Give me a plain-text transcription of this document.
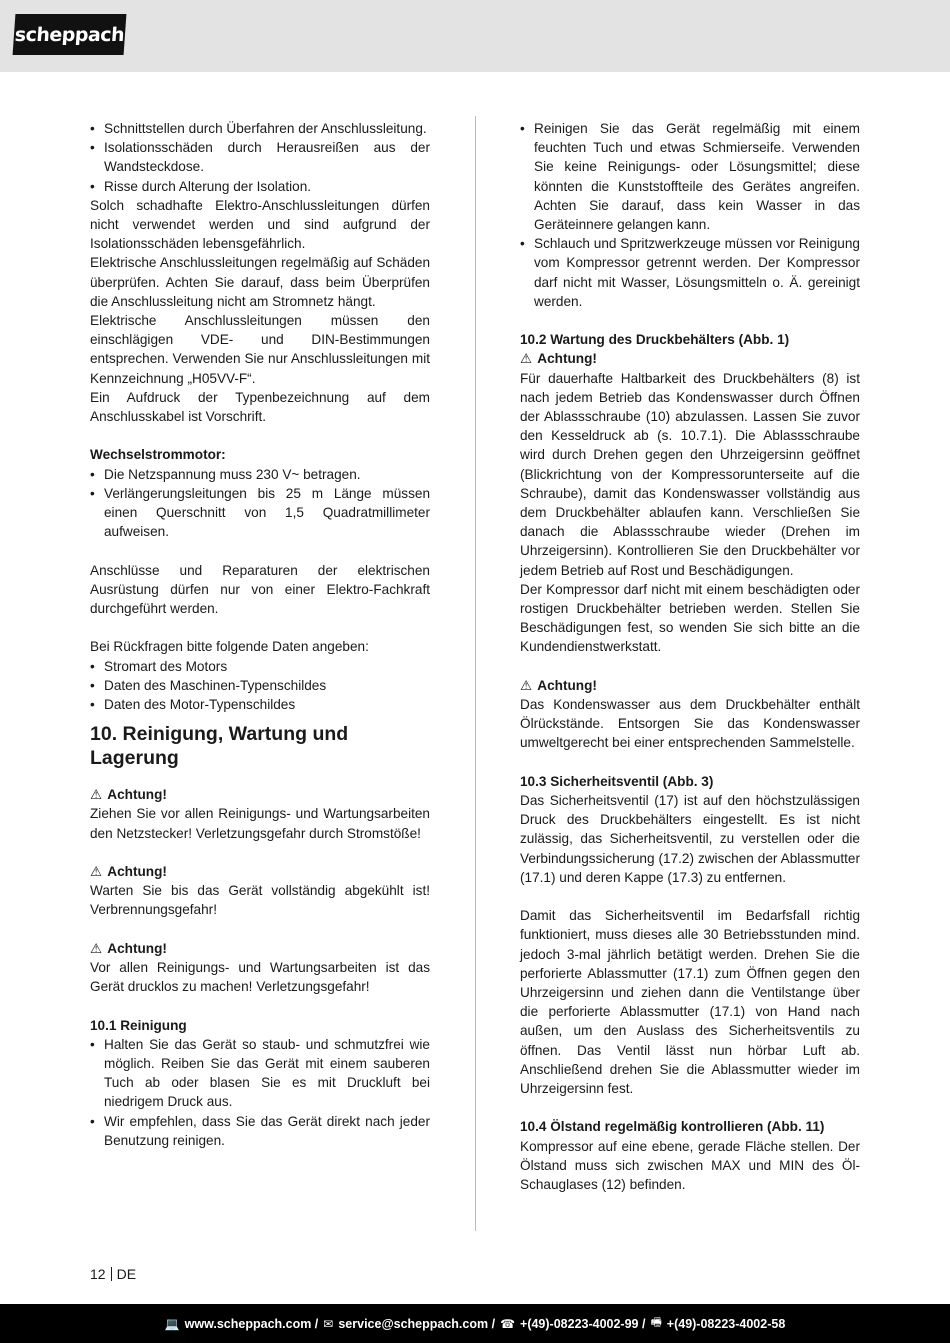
scheppach
• Schnittstellen durch Überfahren der Anschlussleitung.
• Isolationsschäden durch Herausreißen aus der Wandsteckdose.
• Risse durch Alterung der Isolation.

Solch schadhafte Elektro-Anschlussleitungen dürfen nicht verwendet werden und sind aufgrund der Isolationsschäden lebensgefährlich.

Elektrische Anschlussleitungen regelmäßig auf Schäden überprüfen. Achten Sie darauf, dass beim Überprüfen die Anschlussleitung nicht am Stromnetz hängt.

Elektrische Anschlussleitungen müssen den einschlägigen VDE- und DIN-Bestimmungen entsprechen. Verwenden Sie nur Anschlussleitungen mit Kennzeichnung „H05VV-F“.

Ein Aufdruck der Typenbezeichnung auf dem Anschlusskabel ist Vorschrift.

Wechselstrommotor:

• Die Netzspannung muss 230 V~ betragen.
• Verlängerungsleitungen bis 25 m Länge müssen einen Querschnitt von 1,5 Quadratmillimeter aufweisen.

Anschlüsse und Reparaturen der elektrischen Ausrüstung dürfen nur von einer Elektro-Fachkraft durchgeführt werden.

Bei Rückfragen bitte folgende Daten angeben:

• Stromart des Motors
• Daten des Maschinen-Typenschildes
• Daten des Motor-Typenschildes
10. Reinigung, Wartung und Lagerung

⚠ Achtung!

Ziehen Sie vor allen Reinigungs- und Wartungsarbeiten den Netzstecker! Verletzungsgefahr durch Stromstöße!

⚠ Achtung!

Warten Sie bis das Gerät vollständig abgekühlt ist! Verbrennungsgefahr!

⚠ Achtung!

Vor allen Reinigungs- und Wartungsarbeiten ist das Gerät drucklos zu machen! Verletzungsgefahr!

10.1 Reinigung

• Halten Sie das Gerät so staub- und schmutzfrei wie möglich. Reiben Sie das Gerät mit einem sauberen Tuch ab oder blasen Sie es mit Druckluft bei niedrigem Druck aus.
• Wir empfehlen, dass Sie das Gerät direkt nach jeder Benutzung reinigen.
• Reinigen Sie das Gerät regelmäßig mit einem feuchten Tuch und etwas Schmierseife. Verwenden Sie keine Reinigungs- oder Lösungsmittel; diese könnten die Kunststoffteile des Gerätes angreifen. Achten Sie darauf, dass kein Wasser in das Geräteinnere gelangen kann.
• Schlauch und Spritzwerkzeuge müssen vor Reinigung vom Kompressor getrennt werden. Der Kompressor darf nicht mit Wasser, Lösungsmitteln o. Ä. gereinigt werden.

10.2 Wartung des Druckbehälters (Abb. 1)

⚠ Achtung!

Für dauerhafte Haltbarkeit des Druckbehälters (8) ist nach jedem Betrieb das Kondenswasser durch Öffnen der Ablassschraube (10) abzulassen. Lassen Sie zuvor den Kesseldruck ab (s. 10.7.1). Die Ablassschraube wird durch Drehen gegen den Uhrzeigersinn geöffnet (Blickrichtung von der Kompressorunterseite auf die Schraube), damit das Kondenswasser vollständig aus dem Druckbehälter ablaufen kann. Verschließen Sie danach die Ablassschraube wieder (Drehen im Uhrzeigersinn). Kontrollieren Sie den Druckbehälter vor jedem Betrieb auf Rost und Beschädigungen.

Der Kompressor darf nicht mit einem beschädigten oder rostigen Druckbehälter betrieben werden. Stellen Sie Beschädigungen fest, so wenden Sie sich bitte an die Kundendienstwerkstatt.

⚠ Achtung!

Das Kondenswasser aus dem Druckbehälter enthält Ölrückstände. Entsorgen Sie das Kondenswasser umweltgerecht bei einer entsprechenden Sammelstelle.

10.3 Sicherheitsventil (Abb. 3)

Das Sicherheitsventil (17) ist auf den höchstzulässigen Druck des Druckbehälters eingestellt. Es ist nicht zulässig, das Sicherheitsventil, zu verstellen oder die Verbindungssicherung (17.2) zwischen der Ablassmutter (17.1) und deren Kappe (17.3) zu entfernen.

Damit das Sicherheitsventil im Bedarfsfall richtig funktioniert, muss dieses alle 30 Betriebsstunden mind. jedoch 3-mal jährlich betätigt werden. Drehen Sie die perforierte Ablassmutter (17.1) zum Öffnen gegen den Uhrzeigersinn und ziehen dann die Ventilstange über die perforierte Ablassmutter (17.1) von Hand nach außen, um den Auslass des Sicherheitsventils zu öffnen. Das Ventil lässt nun hörbar Luft ab. Anschließend drehen Sie die Ablassmutter wieder im Uhrzeigersinn fest.

10.4 Ölstand regelmäßig kontrollieren (Abb. 11)

Kompressor auf eine ebene, gerade Fläche stellen. Der Ölstand muss sich zwischen MAX und MIN des Öl-Schauglases (12) befinden.

12 DE
💻 www.scheppach.com / ✉ service@scheppach.com / ☎ +(49)-08223-4002-99 / 🖷 +(49)-08223-4002-58
